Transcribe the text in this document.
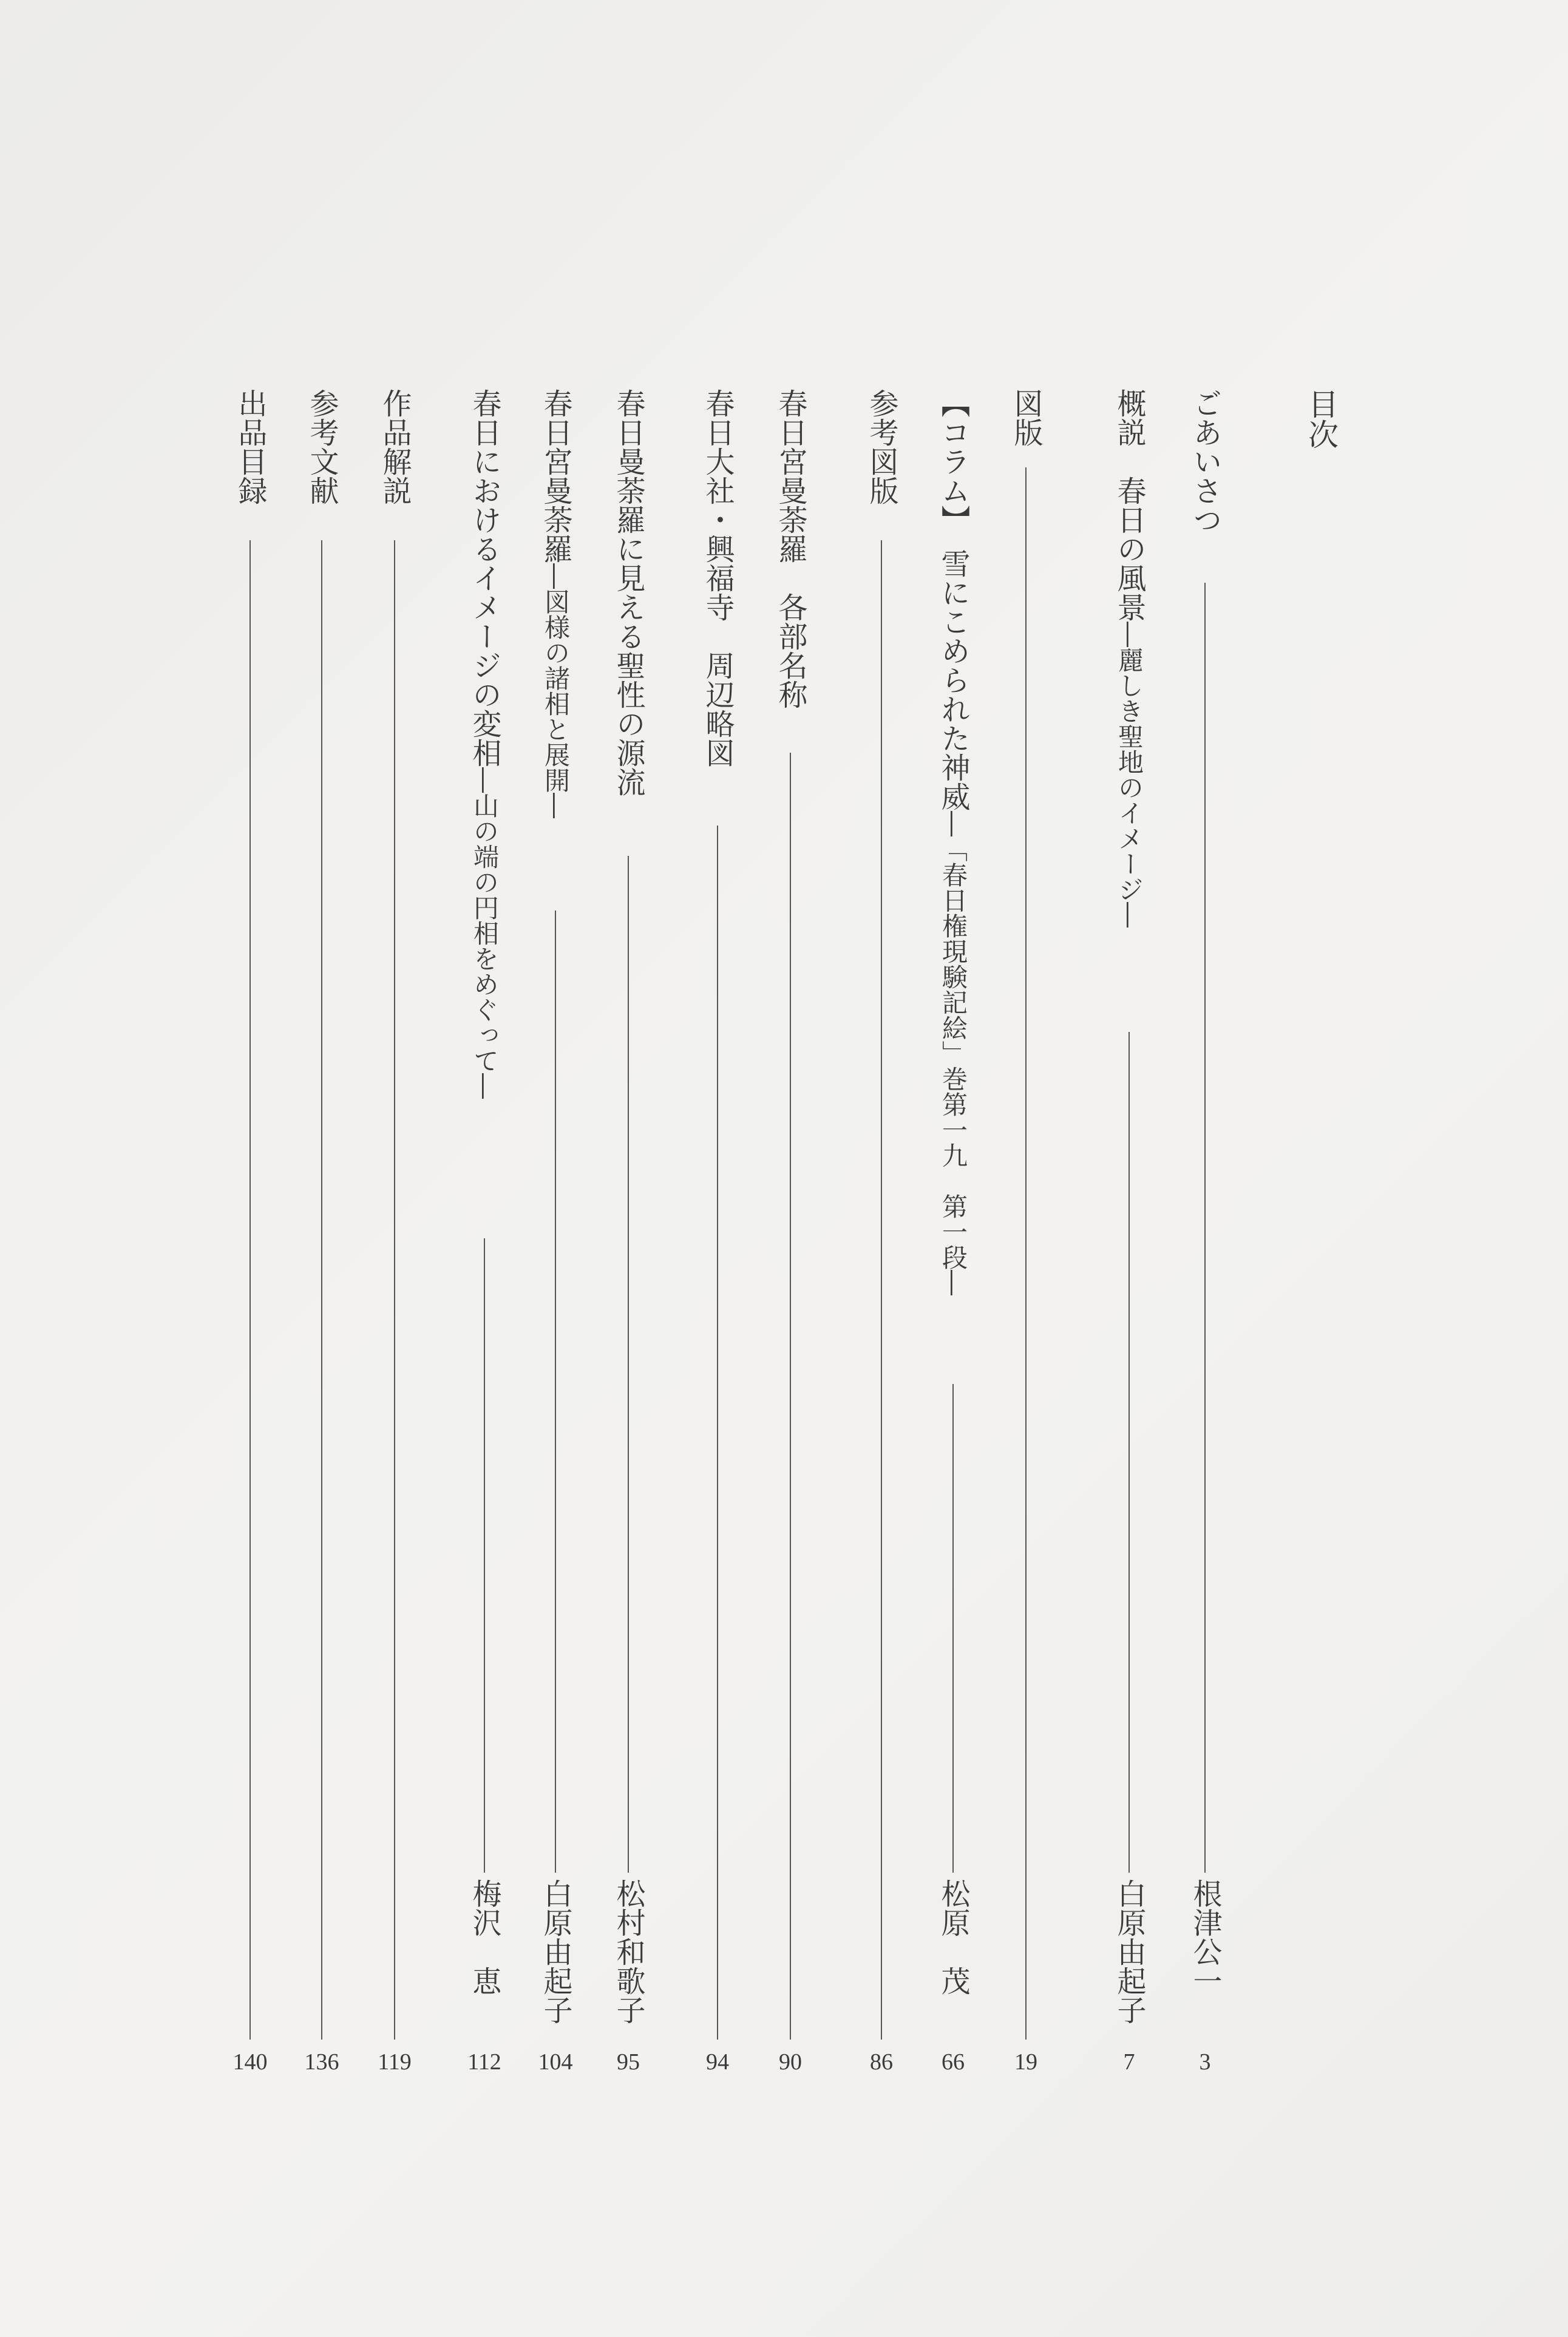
目次
ごあいさつ
根津公一
3
概説　春日の風景―麗しき聖地のイメージ―
白原由起子
7
図版
19
【コラム】　雪にこめられた神威―「春日権現験記絵」巻第一九　第一段―
松原　茂
66
参考図版
86
春日宮曼荼羅　各部名称
90
春日大社・興福寺　周辺略図
94
春日曼荼羅に見える聖性の源流
松村和歌子
95
春日宮曼荼羅―図様の諸相と展開―
白原由起子
104
春日におけるイメージの変相―山の端の円相をめぐって―
梅沢　恵
112
作品解説
119
参考文献
136
出品目録
140
